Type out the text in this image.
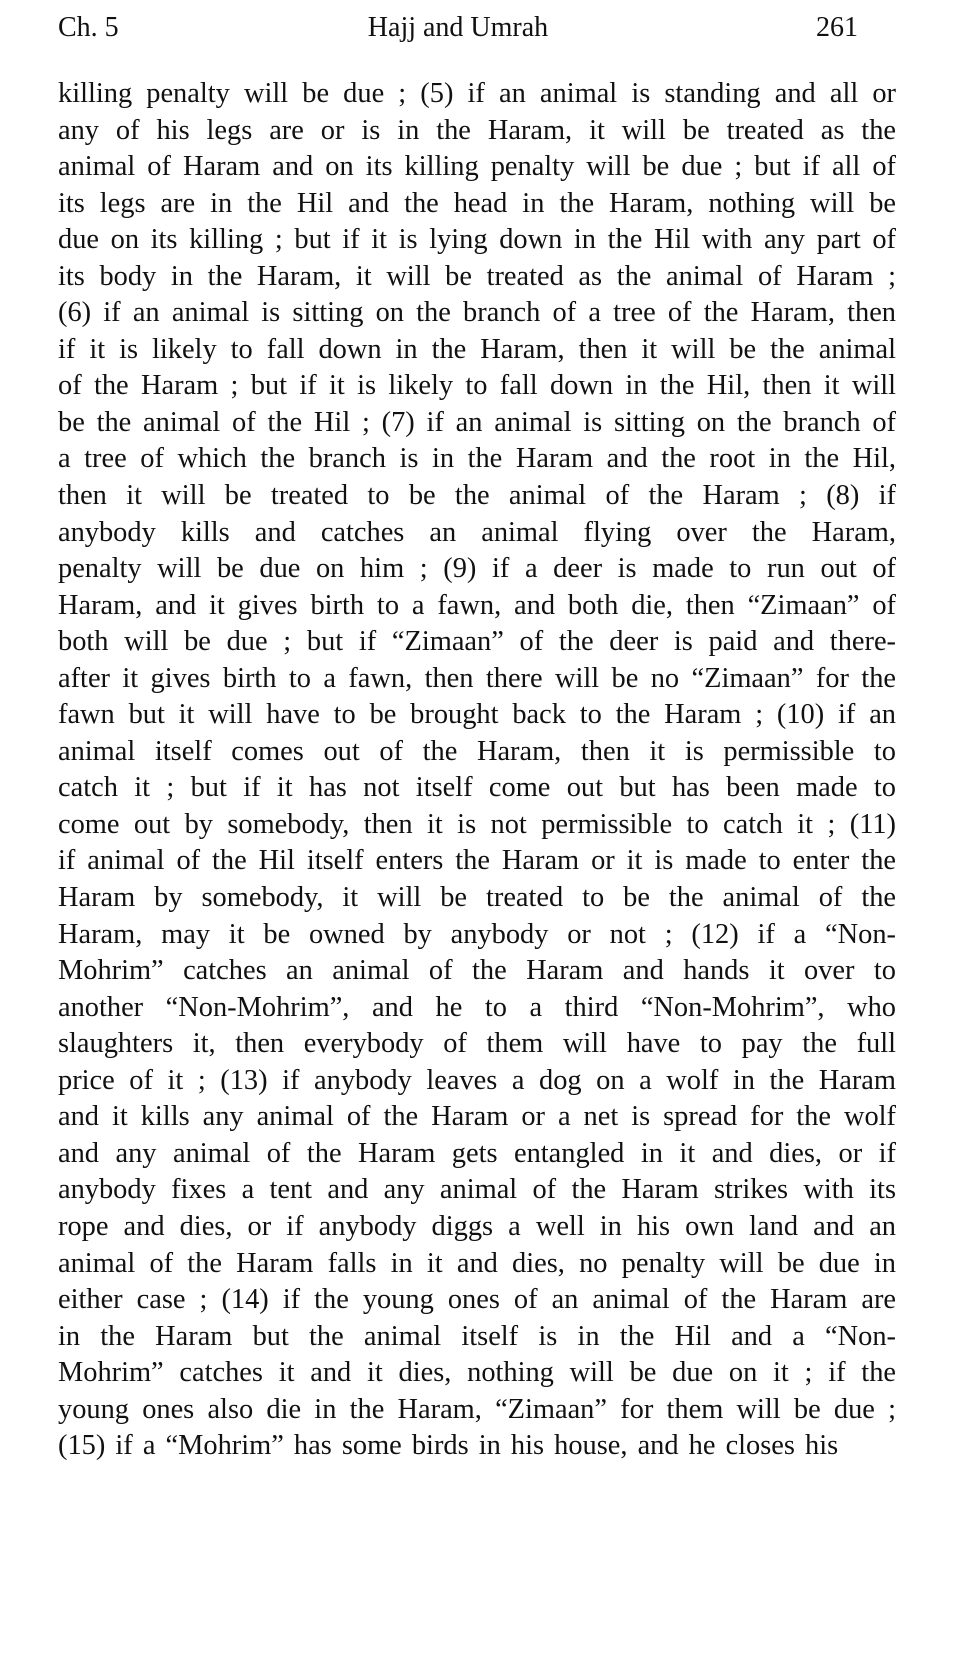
Hajj and Umrah
Ch. 5	261
killing penalty will be due ; (5) if an animal is standing and all or
any of his legs are or is in the Haram, it will be treated as the
animal of Haram and on its killing penalty will be due ; but if all of
its legs are in the Hil and the head in the Haram, nothing will be
due on its killing ; but if it is lying down in the Hil with any part of
its body in the Haram, it will be treated as the animal of Haram ;
(6) if an animal is sitting on the branch of a tree of the Haram, then
if it is likely to fall down in the Haram, then it will be the animal
of the Haram ; but if it is likely to fall down in the Hil, then it will
be the animal of the Hil ; (7) if an animal is sitting on the branch of
a tree of which the branch is in the Haram and the root in the Hil,
then it will be treated to be the animal of the Haram ; (8) if
anybody kills and catches an animal flying over the Haram,
penalty will be due on him ; (9) if a deer is made to run out of
Haram, and it gives birth to a fawn, and both die, then “Zimaan” of
both will be due ; but if “Zimaan” of the deer is paid and there-
after it gives birth to a fawn, then there will be no “Zimaan” for the
fawn but it will have to be brought back to the Haram ; (10) if an
animal itself comes out of the Haram, then it is permissible to
catch it ; but if it has not itself come out but has been made to
come out by somebody, then it is not permissible to catch it ; (11)
if animal of the Hil itself enters the Haram or it is made to enter the
Haram by somebody, it will be treated to be the animal of the
Haram, may it be owned by anybody or not ; (12) if a “Non-
Mohrim” catches an animal of the Haram and hands it over to
another “Non-Mohrim”, and he to a third “Non-Mohrim”, who
slaughters it, then everybody of them will have to pay the full
price of it ; (13) if anybody leaves a dog on a wolf in the Haram
and it kills any animal of the Haram or a net is spread for the wolf
and any animal of the Haram gets entangled in it and dies, or if
anybody fixes a tent and any animal of the Haram strikes with its
rope and dies, or if anybody diggs a well in his own land and an
animal of the Haram falls in it and dies, no penalty will be due in
either case ; (14) if the young ones of an animal of the Haram are
in the Haram but the animal itself is in the Hil and a “Non-
Mohrim” catches it and it dies, nothing will be due on it ; if the
young ones also die in the Haram, “Zimaan” for them will be due ;
(15) if a “Mohrim” has some birds in his house, and he closes his
